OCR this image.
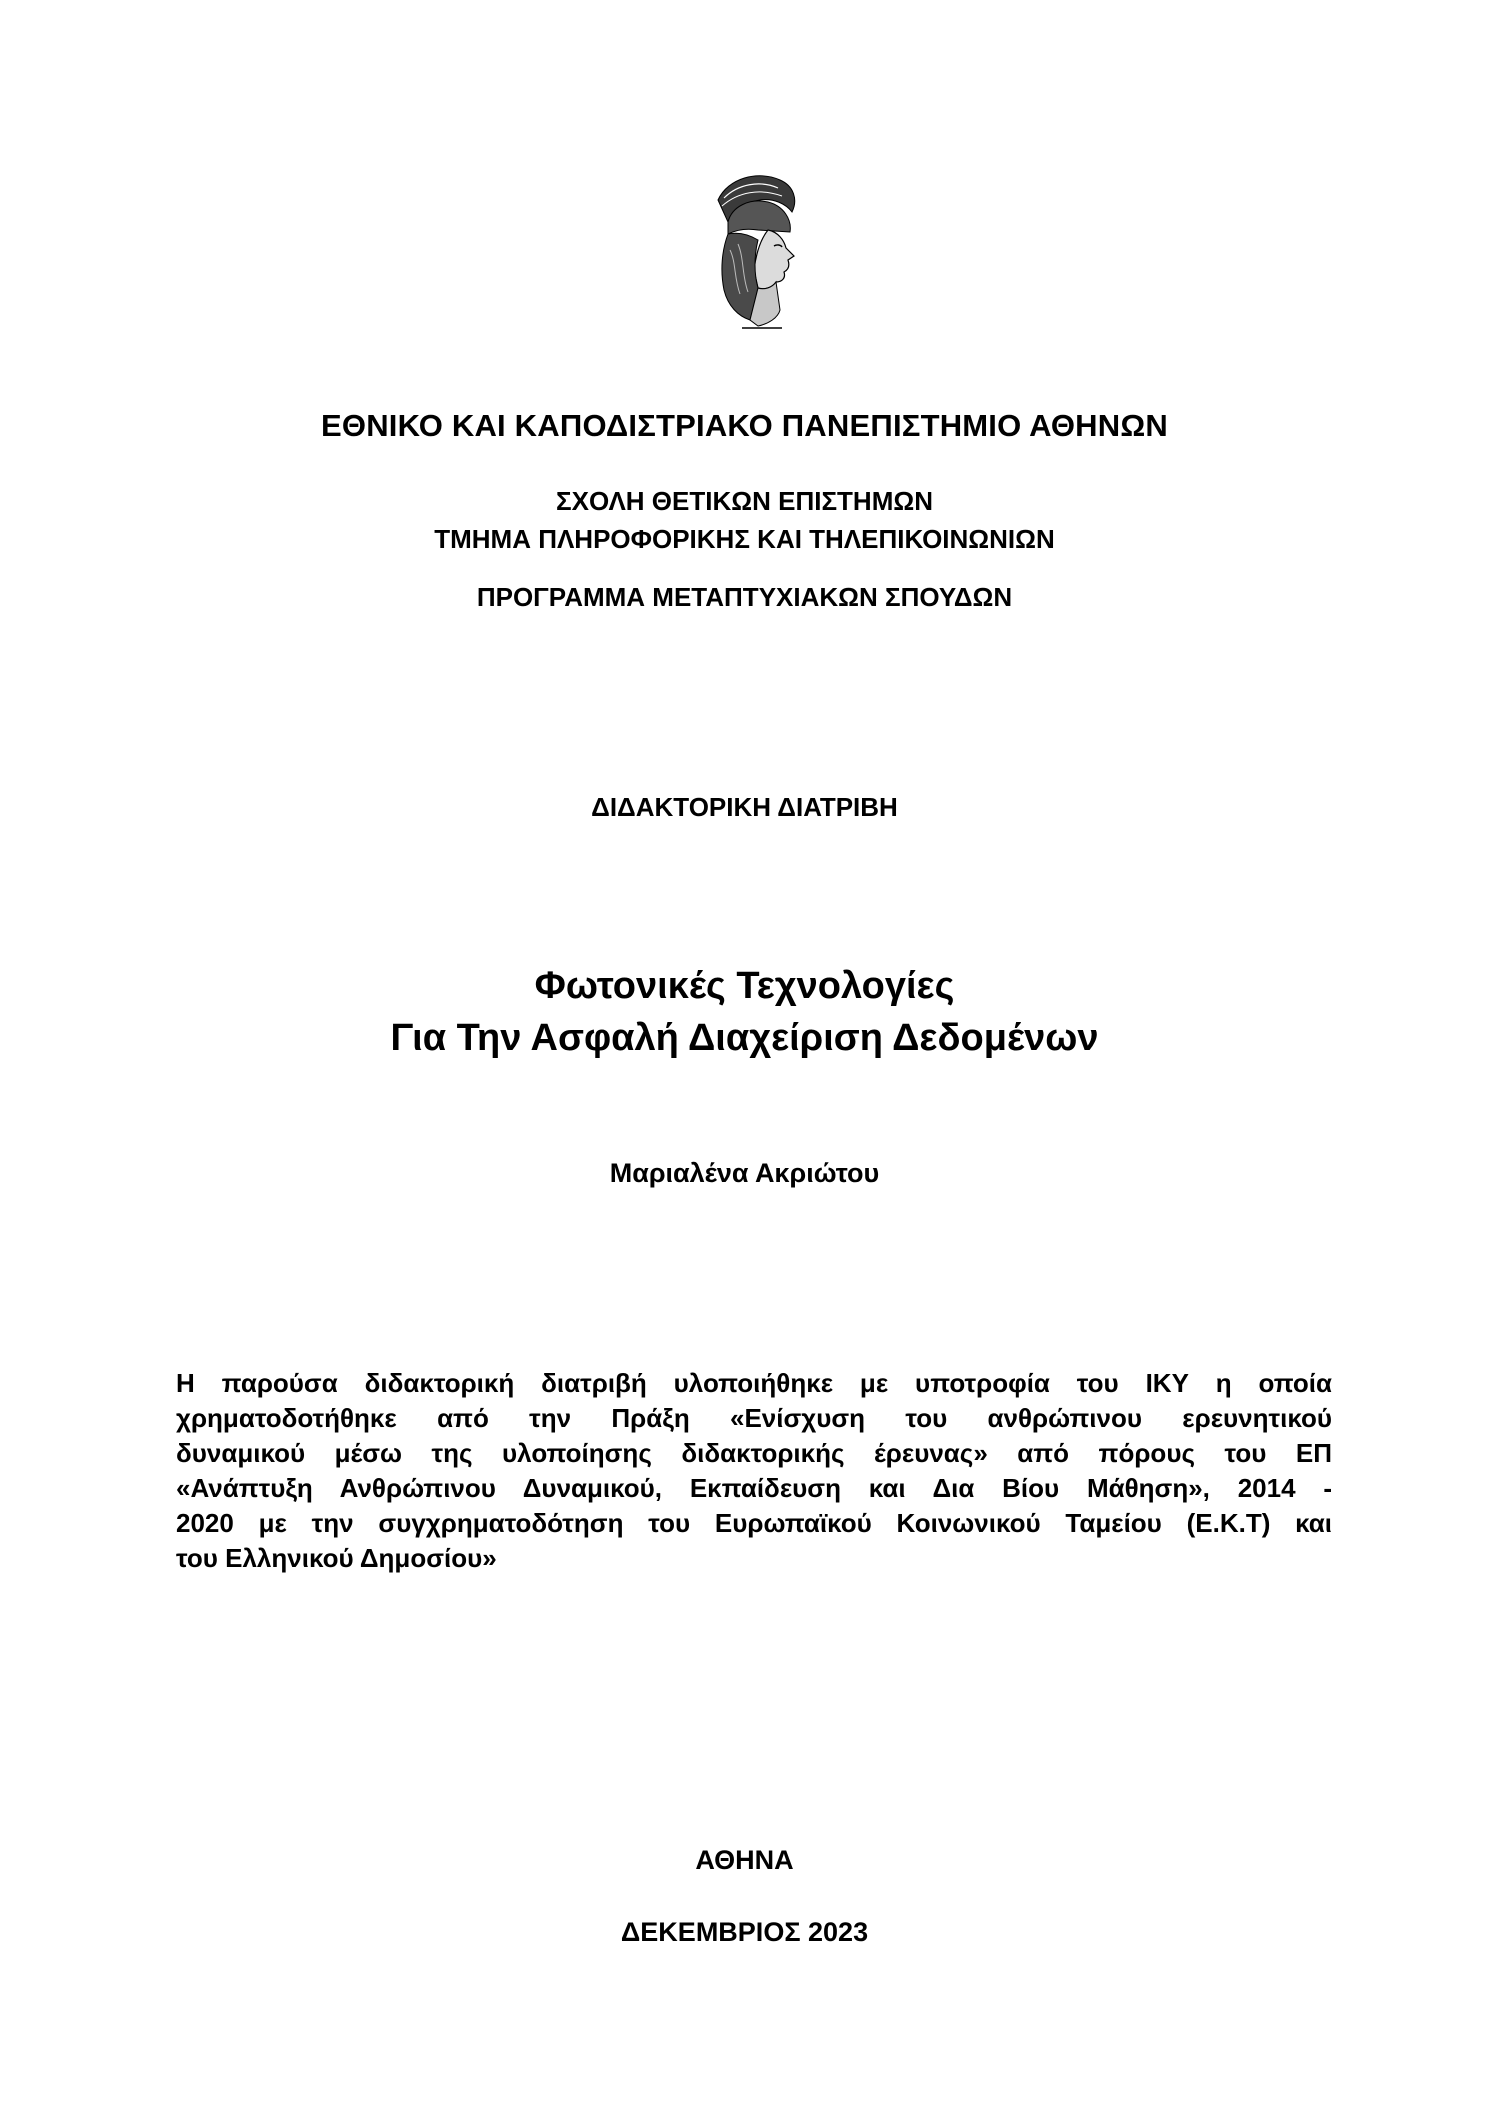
ΕΘΝΙΚΟ ΚΑΙ ΚΑΠΟΔΙΣΤΡΙΑΚΟ ΠΑΝΕΠΙΣΤΗΜΙΟ ΑΘΗΝΩΝ
ΣΧΟΛΗ ΘΕΤΙΚΩΝ ΕΠΙΣΤΗΜΩΝ
ΤΜΗΜΑ ΠΛΗΡΟΦΟΡΙΚΗΣ ΚΑΙ ΤΗΛΕΠΙΚΟΙΝΩΝΙΩΝ
ΠΡΟΓΡΑΜΜΑ ΜΕΤΑΠΤΥΧΙΑΚΩΝ ΣΠΟΥΔΩΝ
ΔΙΔΑΚΤΟΡΙΚΗ ΔΙΑΤΡΙΒΗ
Φωτονικές Τεχνολογίες
Για Την Ασφαλή Διαχείριση Δεδομένων
Μαριαλένα Ακριώτου
Η παρούσα διδακτορική διατριβή υλοποιήθηκε με υποτροφία του ΙΚΥ η οποία
χρηματοδοτήθηκε από την Πράξη «Ενίσχυση του ανθρώπινου ερευνητικού
δυναμικού μέσω της υλοποίησης διδακτορικής έρευνας» από πόρους του ΕΠ
«Ανάπτυξη Ανθρώπινου Δυναμικού, Εκπαίδευση και Δια Βίου Μάθηση», 2014 -
2020 με την συγχρηματοδότηση του Ευρωπαϊκού Κοινωνικού Ταμείου (Ε.Κ.Τ) και
του Ελληνικού Δημοσίου»
ΑΘΗΝΑ
ΔΕΚΕΜΒΡΙΟΣ 2023
